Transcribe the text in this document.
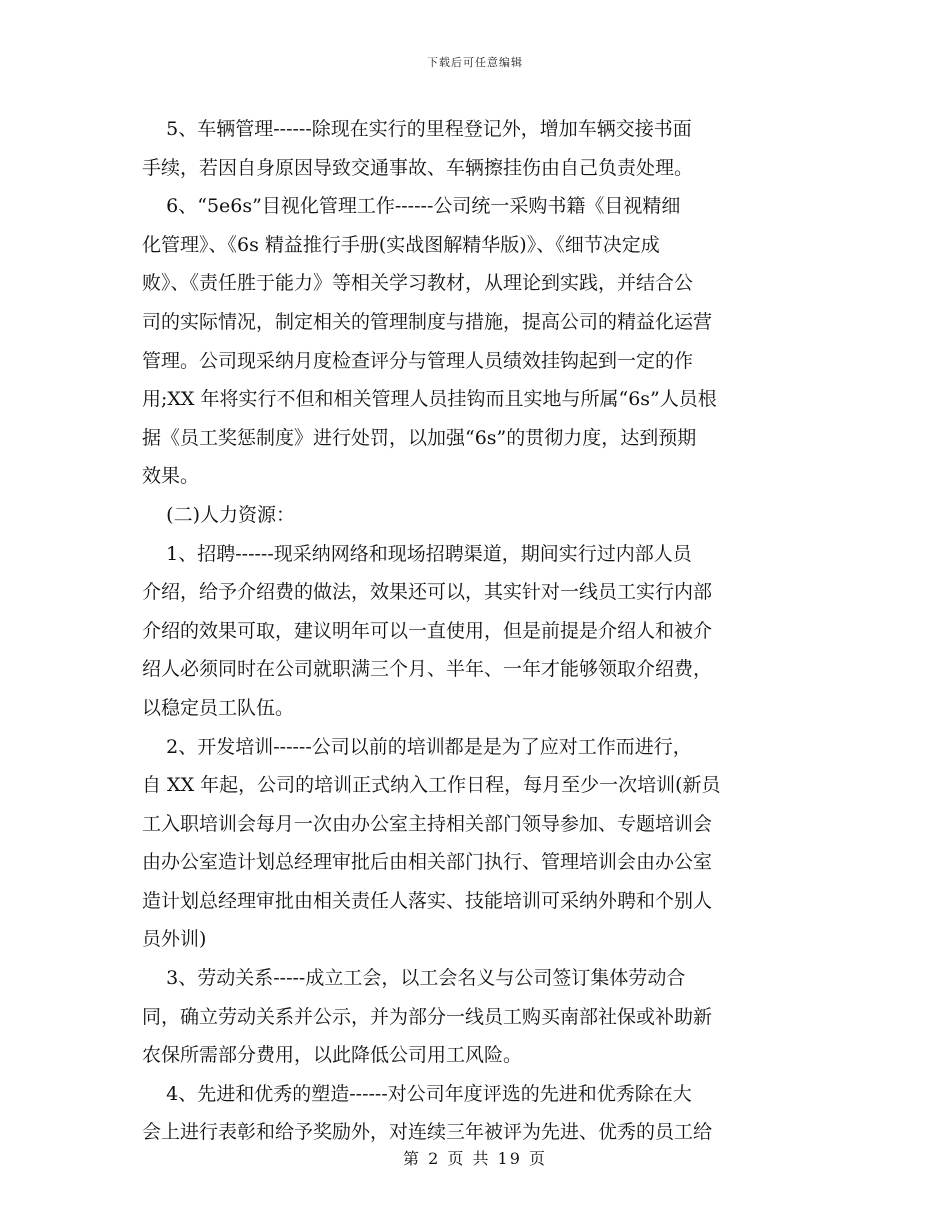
下载后可任意编辑
5、车辆管理------除现在实行的里程登记外，增加车辆交接书面
手续，若因自身原因导致交通事故、车辆擦挂伤由自己负责处理。
6、“5e6s”目视化管理工作------公司统一采购书籍《目视精细
化管理》、《6s 精益推行手册(实战图解精华版)》、《细节决定成
败》、《责任胜于能力》等相关学习教材，从理论到实践，并结合公
司的实际情况，制定相关的管理制度与措施，提高公司的精益化运营
管理。公司现采纳月度检查评分与管理人员绩效挂钩起到一定的作
用;XX 年将实行不但和相关管理人员挂钩而且实地与所属“6s”人员根
据《员工奖惩制度》进行处罚，以加强“6s”的贯彻力度，达到预期
效果。
(二)人力资源：
1、招聘------现采纳网络和现场招聘渠道，期间实行过内部人员
介绍，给予介绍费的做法，效果还可以，其实针对一线员工实行内部
介绍的效果可取，建议明年可以一直使用，但是前提是介绍人和被介
绍人必须同时在公司就职满三个月、半年、一年才能够领取介绍费，
以稳定员工队伍。
2、开发培训------公司以前的培训都是是为了应对工作而进行，
自 XX 年起，公司的培训正式纳入工作日程，每月至少一次培训(新员
工入职培训会每月一次由办公室主持相关部门领导参加、专题培训会
由办公室造计划总经理审批后由相关部门执行、管理培训会由办公室
造计划总经理审批由相关责任人落实、技能培训可采纳外聘和个别人
员外训)
3、劳动关系-----成立工会，以工会名义与公司签订集体劳动合
同，确立劳动关系并公示，并为部分一线员工购买南部社保或补助新
农保所需部分费用，以此降低公司用工风险。
4、先进和优秀的塑造------对公司年度评选的先进和优秀除在大
会上进行表彰和给予奖励外，对连续三年被评为先进、优秀的员工给
第 2 页 共 19 页
